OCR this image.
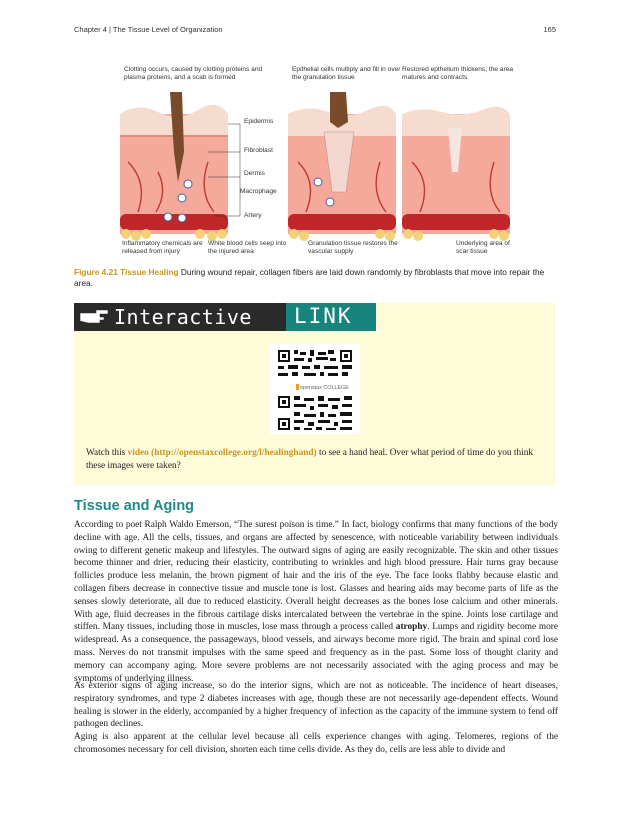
Chapter 4 | The Tissue Level of Organization	165
Clotting occurs, caused by clotting proteins and plasma proteins, and a scab is formed
Epithelial cells multiply and fill in over the granulation tissue
Restored epthelium thickens; the area matures and contracts
Epidermis
Fibroblast
Dermis
Macrophage
Artery
Inflammatory chemicals are released from injury
White blood cells seep into the injured area
Granulation tissue restores the vascular supply
Underlying area of scar tissue
Figure 4.21 Tissue Healing During wound repair, collagen fibers are laid down randomly by fibroblasts that move into repair the area.
Interactive LINK
openstax COLLEGE
Watch this video (http://openstaxcollege.org/l/healinghand) to see a hand heal. Over what period of time do you think these images were taken?
Tissue and Aging
According to poet Ralph Waldo Emerson, “The surest poison is time.” In fact, biology confirms that many functions of the body decline with age. All the cells, tissues, and organs are affected by senescence, with noticeable variability between individuals owing to different genetic makeup and lifestyles. The outward signs of aging are easily recognizable. The skin and other tissues become thinner and drier, reducing their elasticity, contributing to wrinkles and high blood pressure. Hair turns gray because follicles produce less melanin, the brown pigment of hair and the iris of the eye. The face looks flabby because elastic and collagen fibers decrease in connective tissue and muscle tone is lost. Glasses and hearing aids may become parts of life as the senses slowly deteriorate, all due to reduced elasticity. Overall height decreases as the bones lose calcium and other minerals. With age, fluid decreases in the fibrous cartilage disks intercalated between the vertebrae in the spine. Joints lose cartilage and stiffen. Many tissues, including those in muscles, lose mass through a process called atrophy. Lumps and rigidity become more widespread. As a consequence, the passageways, blood vessels, and airways become more rigid. The brain and spinal cord lose mass. Nerves do not transmit impulses with the same speed and frequency as in the past. Some loss of thought clarity and memory can accompany aging. More severe problems are not necessarily associated with the aging process and may be symptoms of underlying illness.
As exterior signs of aging increase, so do the interior signs, which are not as noticeable. The incidence of heart diseases, respiratory syndromes, and type 2 diabetes increases with age, though these are not necessarily age-dependent effects. Wound healing is slower in the elderly, accompanied by a higher frequency of infection as the capacity of the immune system to fend off pathogen declines.
Aging is also apparent at the cellular level because all cells experience changes with aging. Telomeres, regions of the chromosomes necessary for cell division, shorten each time cells divide. As they do, cells are less able to divide and
